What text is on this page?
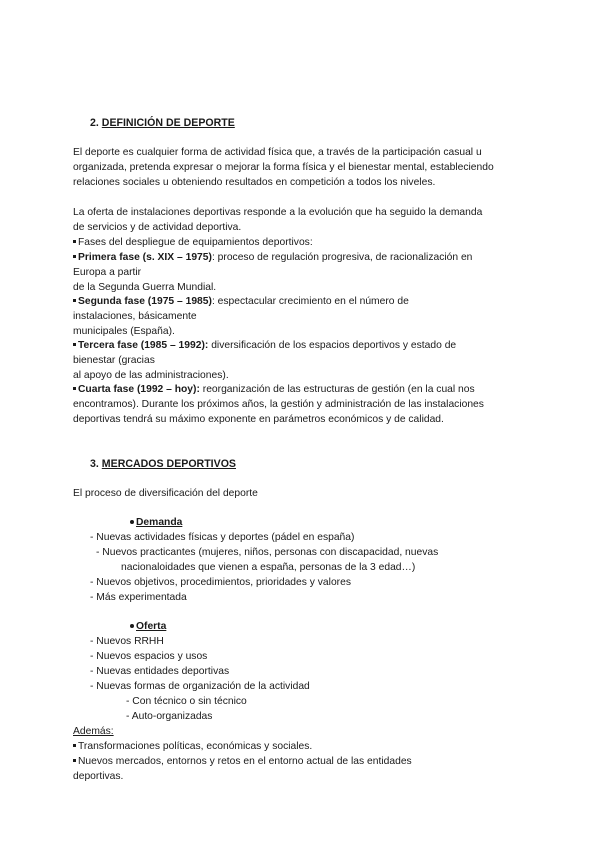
2. DEFINICIÓN DE DEPORTE
El deporte es cualquier forma de actividad física que, a través de la participación casual u
organizada, pretenda expresar o mejorar la forma física y el bienestar mental, estableciendo
relaciones sociales u obteniendo resultados en competición a todos los niveles.
La oferta de instalaciones deportivas responde a la evolución que ha seguido la demanda
de servicios y de actividad deportiva.
Fases del despliegue de equipamientos deportivos:
Primera fase (s. XIX – 1975): proceso de regulación progresiva, de racionalización en
Europa a partir
de la Segunda Guerra Mundial.
Segunda fase (1975 – 1985): espectacular crecimiento en el número de
instalaciones, básicamente
municipales (España).
Tercera fase (1985 – 1992): diversificación de los espacios deportivos y estado de
bienestar (gracias
al apoyo de las administraciones).
Cuarta fase (1992 – hoy): reorganización de las estructuras de gestión (en la cual nos
encontramos). Durante los próximos años, la gestión y administración de las instalaciones
deportivas tendrá su máximo exponente en parámetros económicos y de calidad.
3. MERCADOS DEPORTIVOS
El proceso de diversificación del deporte
Demanda
- Nuevas actividades físicas y deportes (pádel en españa)
- Nuevos practicantes (mujeres, niños, personas con discapacidad, nuevas
nacionaloidades que vienen a españa, personas de la 3 edad…)
- Nuevos objetivos, procedimientos, prioridades y valores
- Más experimentada
Oferta
- Nuevos RRHH
- Nuevos espacios y usos
- Nuevas entidades deportivas
- Nuevas formas de organización de la actividad
- Con técnico o sin técnico
- Auto-organizadas
Además:
Transformaciones políticas, económicas y sociales.
Nuevos mercados, entornos y retos en el entorno actual de las entidades
deportivas.
